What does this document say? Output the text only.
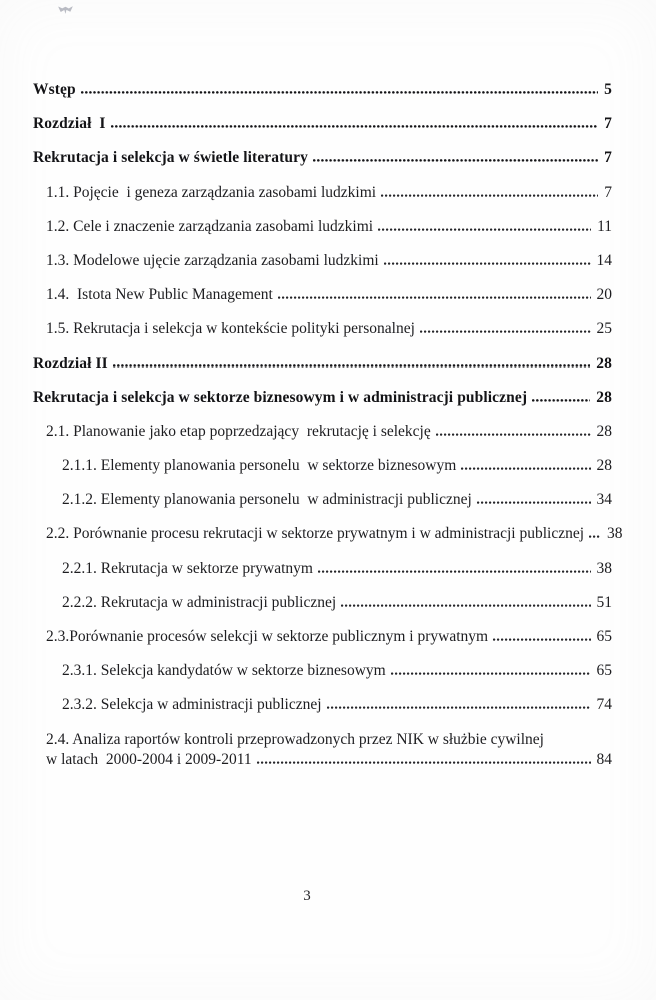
Wstęp	5
Rozdział  I	7
Rekrutacja i selekcja w świetle literatury	7
1.1. Pojęcie  i geneza zarządzania zasobami ludzkimi	7
1.2. Cele i znaczenie zarządzania zasobami ludzkimi	11
1.3. Modelowe ujęcie zarządzania zasobami ludzkimi	14
1.4.  Istota New Public Management	20
1.5. Rekrutacja i selekcja w kontekście polityki personalnej	25
Rozdział II	28
Rekrutacja i selekcja w sektorze biznesowym i w administracji publicznej	28
2.1. Planowanie jako etap poprzedzający  rekrutację i selekcję	28
2.1.1. Elementy planowania personelu  w sektorze biznesowym	28
2.1.2. Elementy planowania personelu  w administracji publicznej	34
2.2. Porównanie procesu rekrutacji w sektorze prywatnym i w administracji publicznej	38
2.2.1. Rekrutacja w sektorze prywatnym	38
2.2.2. Rekrutacja w administracji publicznej	51
2.3.Porównanie procesów selekcji w sektorze publicznym i prywatnym	65
2.3.1. Selekcja kandydatów w sektorze biznesowym	65
2.3.2. Selekcja w administracji publicznej	74
2.4. Analiza raportów kontroli przeprowadzonych przez NIK w służbie cywilnej
w latach  2000-2004 i 2009-2011	84
3
